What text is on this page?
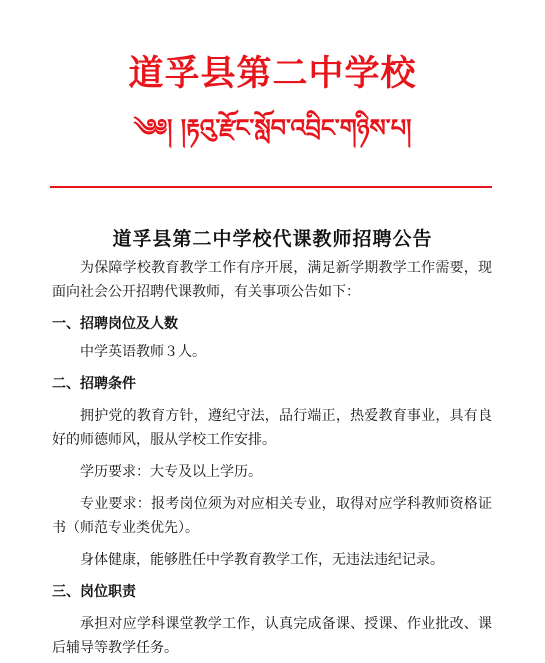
道孚县第二中学校
༄༅། །རྟའུ་རྫོང་སློབ་འབྲིང་གཉིས་པ།
道孚县第二中学校代课教师招聘公告

为保障学校教育教学工作有序开展，满足新学期教学工作需要，现面向社会公开招聘代课教师，有关事项公告如下：

一、招聘岗位及人数

中学英语教师３人。

二、招聘条件

拥护党的教育方针，遵纪守法，品行端正，热爱教育事业，具有良好的师德师风，服从学校工作安排。

学历要求：大专及以上学历。

专业要求：报考岗位须为对应相关专业，取得对应学科教师资格证书（师范专业类优先）。

身体健康，能够胜任中学教育教学工作，无违法违纪记录。

三、岗位职责

承担对应学科课堂教学工作，认真完成备课、授课、作业批改、课后辅导等教学任务。
